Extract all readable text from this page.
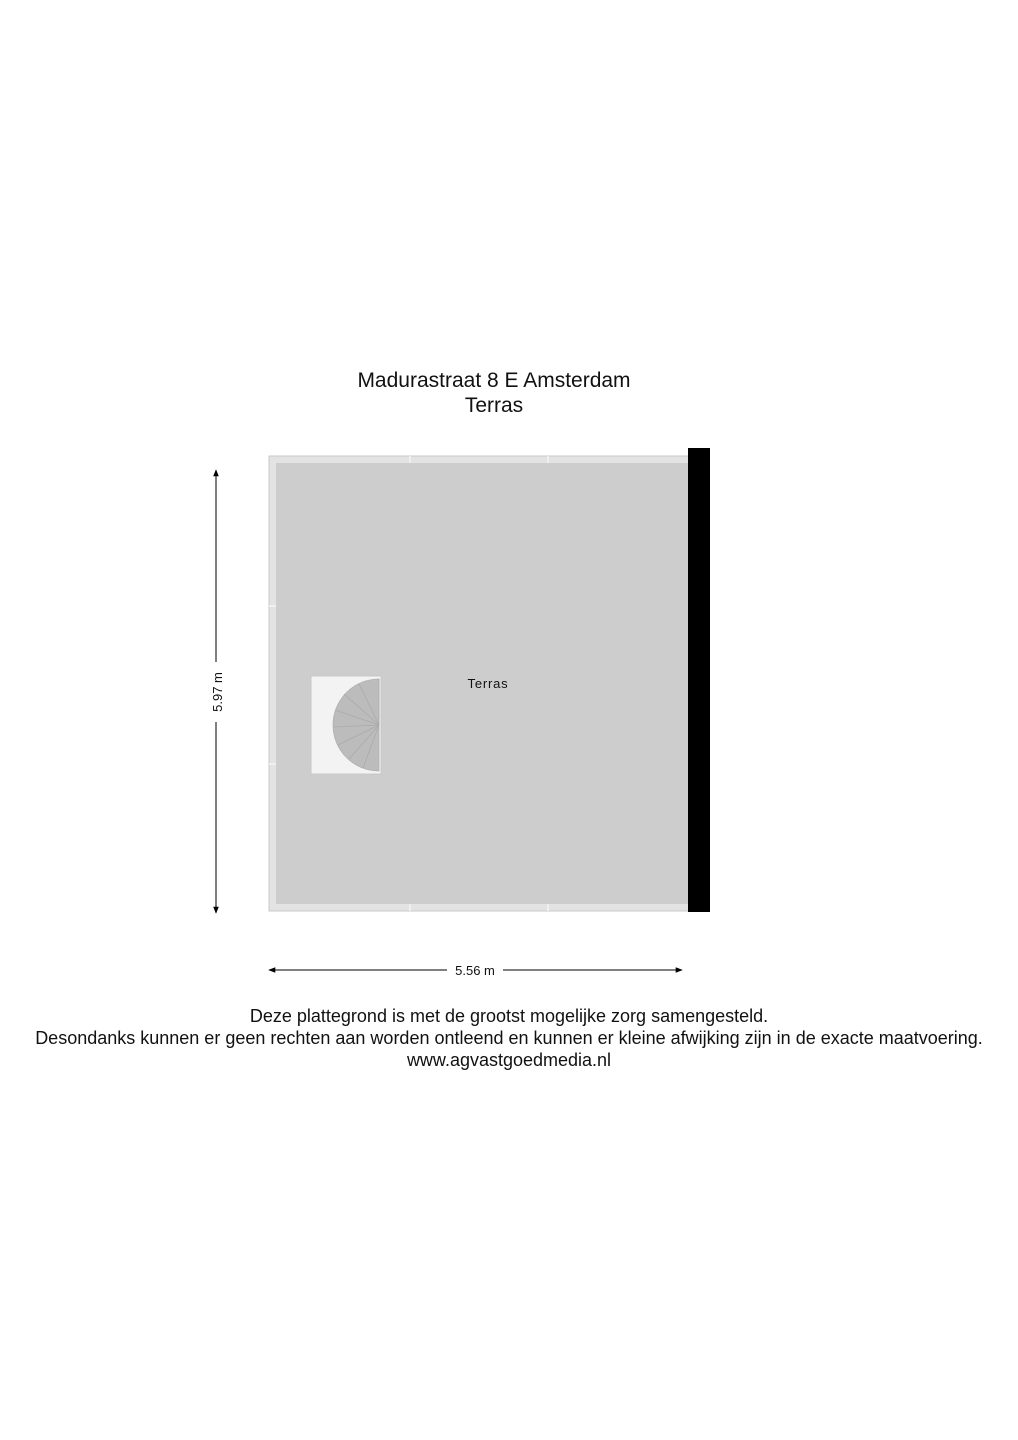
Madurastraat 8 E Amsterdam
Terras
Terras
5.97 m
5.56 m
Deze plattegrond is met de grootst mogelijke zorg samengesteld.
Desondanks kunnen er geen rechten aan worden ontleend en kunnen er kleine afwijking zijn in de exacte maatvoering.
www.agvastgoedmedia.nl
